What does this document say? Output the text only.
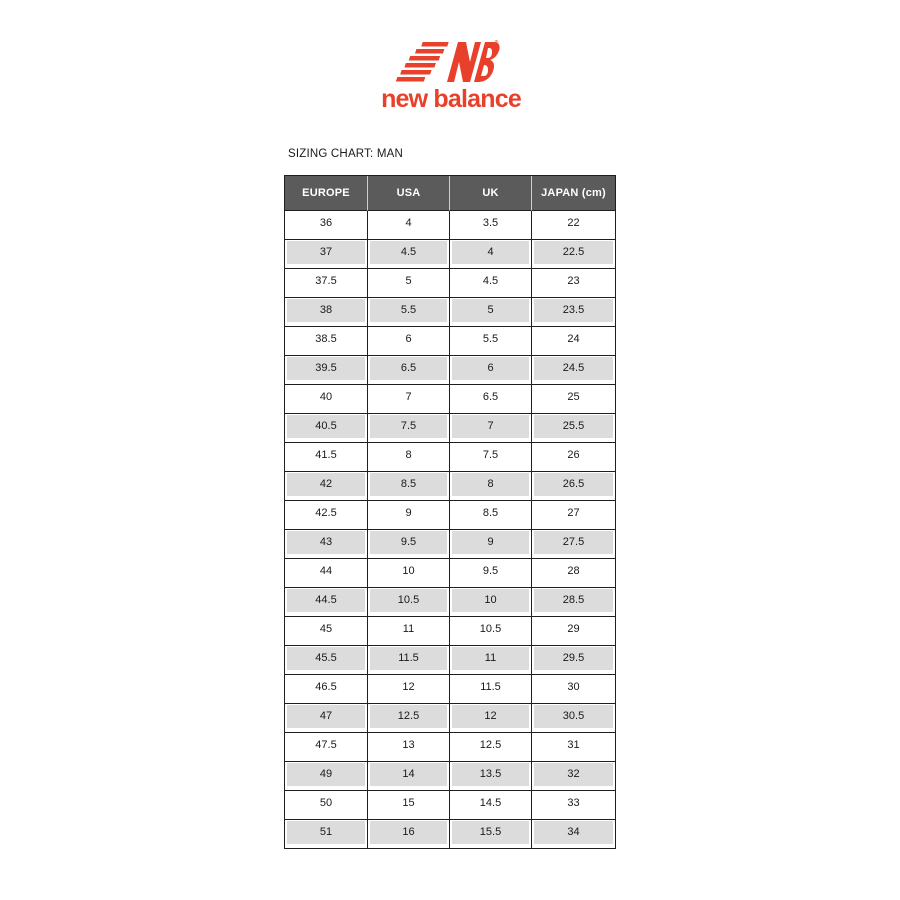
®
new balance
SIZING CHART: MAN
EUROPE	USA	UK	JAPAN (cm)

36	4	3.5	22

37	4.5	4	22.5

37.5	5	4.5	23

38	5.5	5	23.5

38.5	6	5.5	24

39.5	6.5	6	24.5

40	7	6.5	25

40.5	7.5	7	25.5

41.5	8	7.5	26

42	8.5	8	26.5

42.5	9	8.5	27

43	9.5	9	27.5

44	10	9.5	28

44.5	10.5	10	28.5

45	11	10.5	29

45.5	11.5	11	29.5

46.5	12	11.5	30

47	12.5	12	30.5

47.5	13	12.5	31

49	14	13.5	32

50	15	14.5	33

51	16	15.5	34
